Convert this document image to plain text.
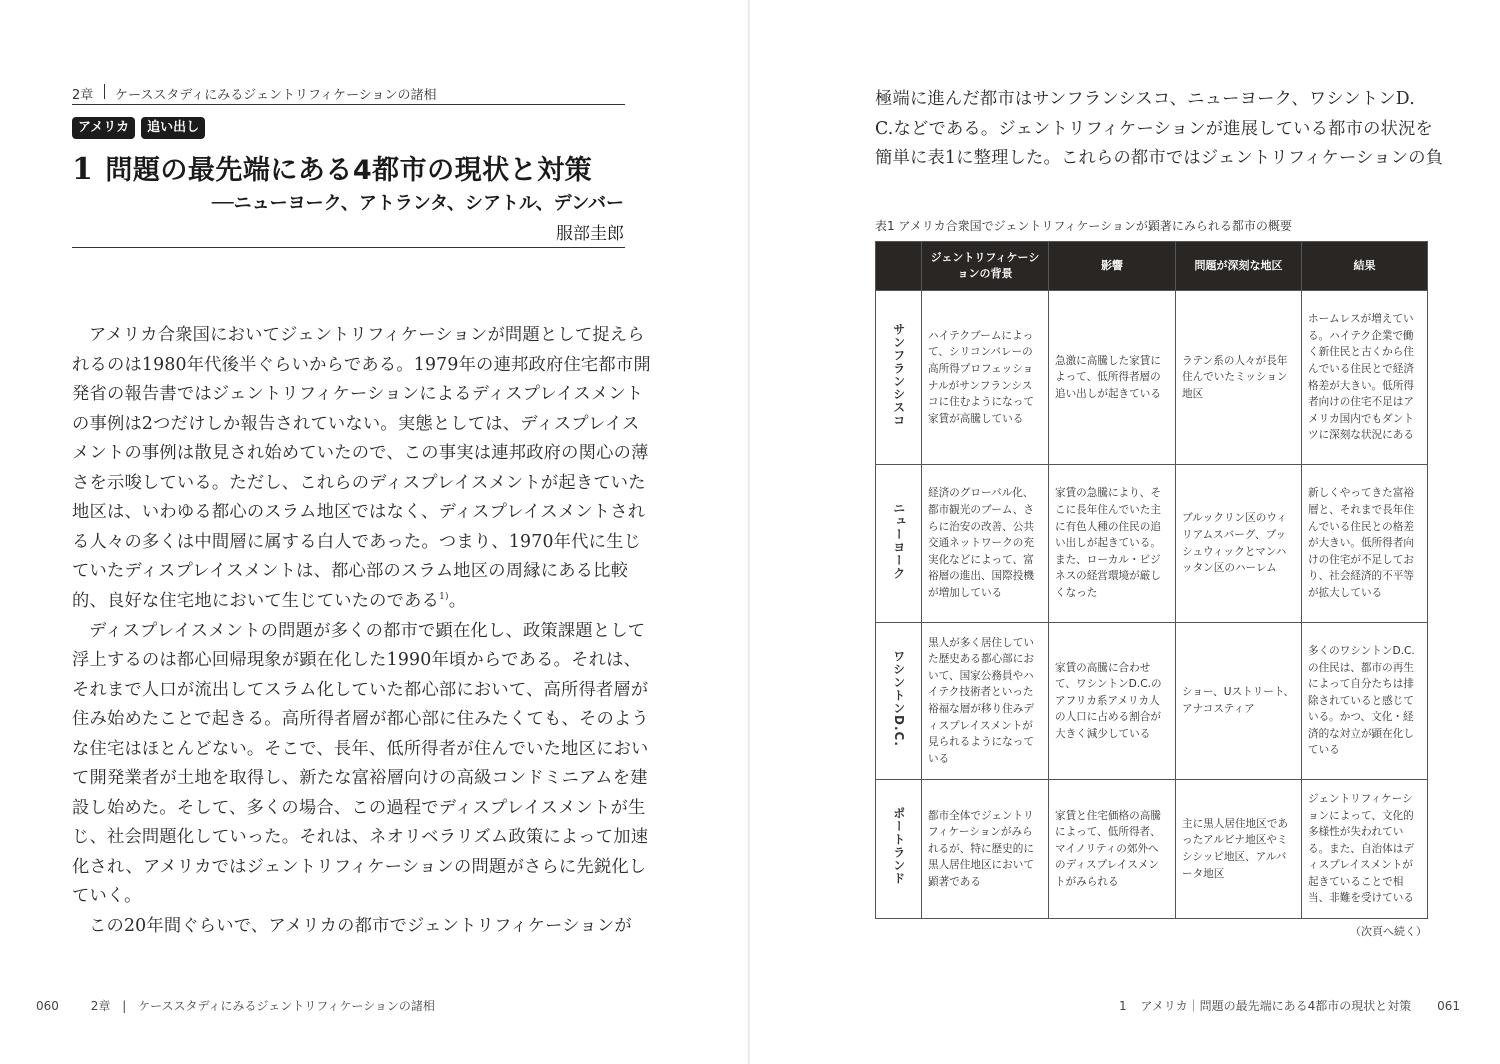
2章 ケーススタディにみるジェントリフィケーションの諸相
アメリカ	追い出し
1 問題の最先端にある4都市の現状と対策
──ニューヨーク、アトランタ、シアトル、デンバー
服部圭郎
アメリカ合衆国においてジェントリフィケーションが問題として捉えら
れるのは1980年代後半ぐらいからである。1979年の連邦政府住宅都市開
発省の報告書ではジェントリフィケーションによるディスプレイスメント
の事例は2つだけしか報告されていない。実態としては、ディスプレイス
メントの事例は散見され始めていたので、この事実は連邦政府の関心の薄
さを示唆している。ただし、これらのディスプレイスメントが起きていた
地区は、いわゆる都心のスラム地区ではなく、ディスプレイスメントされ
る人々の多くは中間層に属する白人であった。つまり、1970年代に生じ
ていたディスプレイスメントは、都心部のスラム地区の周縁にある比較
的、良好な住宅地において生じていたのである$^{1)}$。
ディスプレイスメントの問題が多くの都市で顕在化し、政策課題として
浮上するのは都心回帰現象が顕在化した1990年頃からである。それは、
それまで人口が流出してスラム化していた都心部において、高所得者層が
住み始めたことで起きる。高所得者層が都心部に住みたくても、そのよう
な住宅はほとんどない。そこで、長年、低所得者が住んでいた地区におい
て開発業者が土地を取得し、新たな富裕層向けの高級コンドミニアムを建
設し始めた。そして、多くの場合、この過程でディスプレイスメントが生
じ、社会問題化していった。それは、ネオリベラリズム政策によって加速
化され、アメリカではジェントリフィケーションの問題がさらに先鋭化し
ていく。
この20年間ぐらいで、アメリカの都市でジェントリフィケーションが
060	2章 | ケーススタディにみるジェントリフィケーションの諸相
極端に進んだ都市はサンフランシスコ、ニューヨーク、ワシントンD.
C.などである。ジェントリフィケーションが進展している都市の状況を
簡単に表1に整理した。これらの都市ではジェントリフィケーションの負
表1 アメリカ合衆国でジェントリフィケーションが顕著にみられる都市の概要
	ジェントリフィケーションの背景	影響	問題が深刻な地区	結果
サンフランシスコ	ハイテクブームによって、シリコンバレーの高所得プロフェッショナルがサンフランシスコに住むようになって家賃が高騰している	急激に高騰した家賃によって、低所得者層の追い出しが起きている	ラテン系の人々が長年住んでいたミッション地区	ホームレスが増えている。ハイテク企業で働く新住民と古くから住んでいる住民とで経済格差が大きい。低所得者向けの住宅不足はアメリカ国内でもダントツに深刻な状況にある
ニューヨーク	経済のグローバル化、都市観光のブーム、さらに治安の改善、公共交通ネットワークの充実化などによって、富裕層の進出、国際投機が増加している	家賃の急騰により、そこに長年住んでいた主に有色人種の住民の追い出しが起きている。また、ローカル・ビジネスの経営環境が厳しくなった	ブルックリン区のウィリアムスバーグ、ブッシュウィックとマンハッタン区のハーレム	新しくやってきた富裕層と、それまで長年住んでいる住民との格差が大きい。低所得者向けの住宅が不足しており、社会経済的不平等が拡大している
ワシントンD.C.	黒人が多く居住していた歴史ある都心部において、国家公務員やハイテク技術者といった裕福な層が移り住みディスプレイスメントが見られるようになっている	家賃の高騰に合わせて、ワシントンD.C.のアフリカ系アメリカ人の人口に占める割合が大きく減少している	ショー、Uストリート、アナコスティア	多くのワシントンD.C.の住民は、都市の再生によって自分たちは排除されていると感じている。かつ、文化・経済的な対立が顕在化している
ポートランド	都市全体でジェントリフィケーションがみられるが、特に歴史的に黒人居住地区において顕著である	家賃と住宅価格の高騰によって、低所得者、マイノリティの郊外へのディスプレイスメントがみられる	主に黒人居住地区であったアルビナ地区やミシシッピ地区、アルバータ地区	ジェントリフィケーションによって、文化的多様性が失われている。また、自治体はディスプレイスメントが起きていることで相当、非難を受けている
（次頁へ続く）
1 アメリカ｜問題の最先端にある4都市の現状と対策 061
